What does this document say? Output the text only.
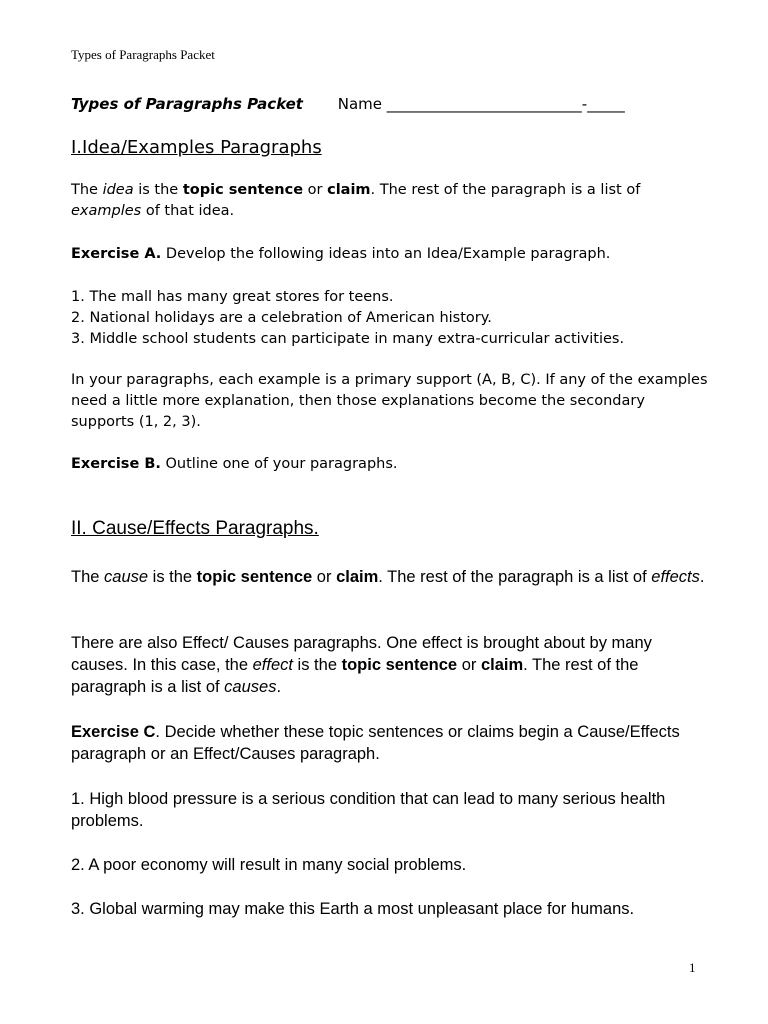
Types of Paragraphs Packet
Types of Paragraphs Packet Name __________________________-_____
I.Idea/Examples Paragraphs

The idea is the topic sentence or claim. The rest of the paragraph is a list of examples of that idea.

Exercise A. Develop the following ideas into an Idea/Example paragraph.

1. The mall has many great stores for teens.
2. National holidays are a celebration of American history.
3. Middle school students can participate in many extra-curricular activities.

In your paragraphs, each example is a primary support (A, B, C). If any of the examples need a little more explanation, then those explanations become the secondary supports (1, 2, 3).

Exercise B. Outline one of your paragraphs.

II. Cause/Effects Paragraphs.

The cause is the topic sentence or claim. The rest of the paragraph is a list of effects.

There are also Effect/ Causes paragraphs. One effect is brought about by many causes. In this case, the effect is the topic sentence or claim. The rest of the paragraph is a list of causes.

Exercise C. Decide whether these topic sentences or claims begin a Cause/Effects paragraph or an Effect/Causes paragraph.

1. High blood pressure is a serious condition that can lead to many serious health problems.

2. A poor economy will result in many social problems.

3. Global warming may make this Earth a most unpleasant place for humans.

1
